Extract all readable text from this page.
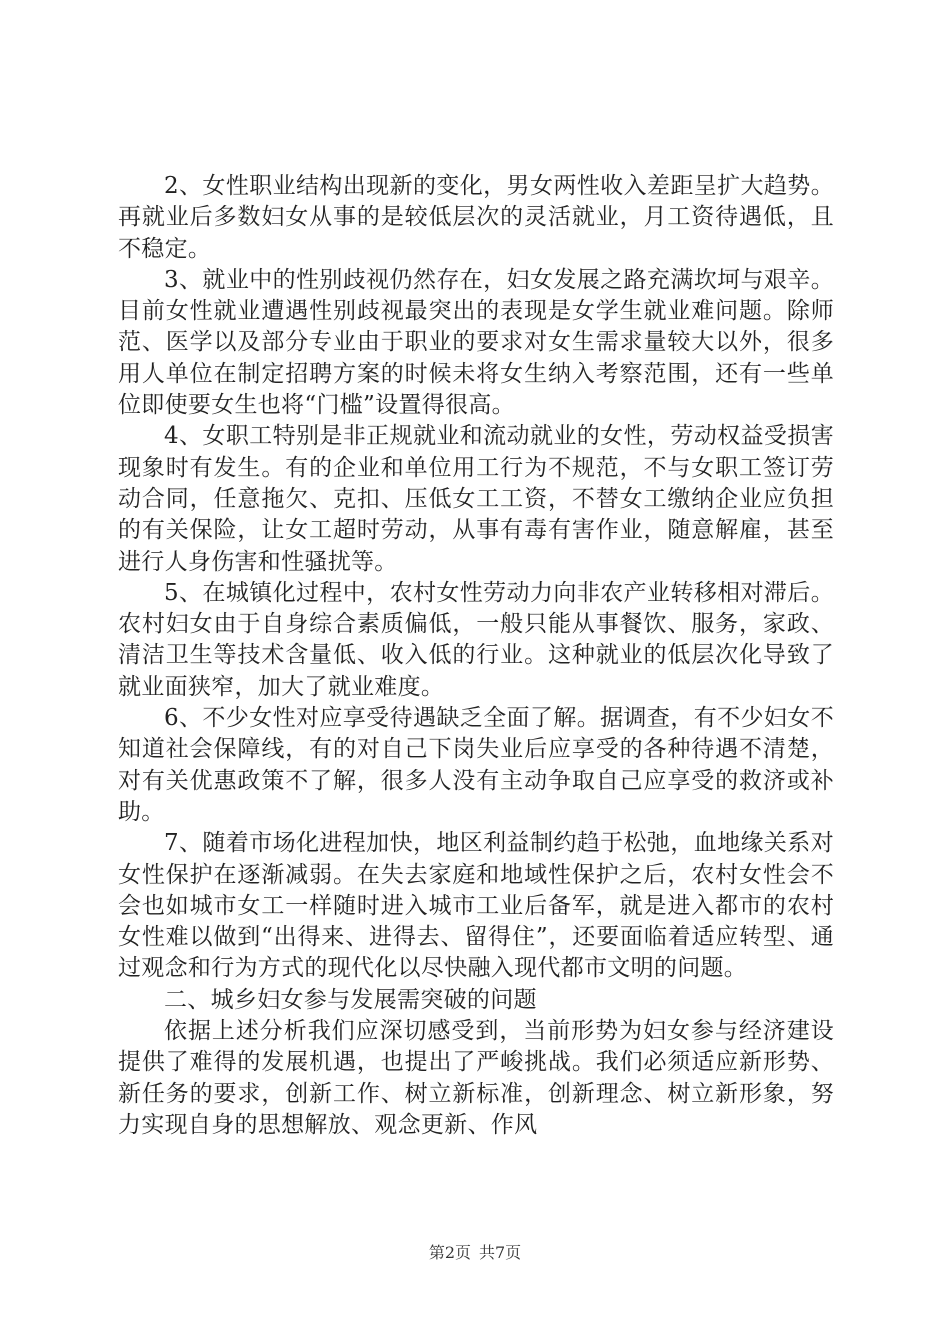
2、女性职业结构出现新的变化，男女两性收入差距呈扩大趋势。再就业后多数妇女从事的是较低层次的灵活就业，月工资待遇低，且不稳定。

3、就业中的性别歧视仍然存在，妇女发展之路充满坎坷与艰辛。目前女性就业遭遇性别歧视最突出的表现是女学生就业难问题。除师范、医学以及部分专业由于职业的要求对女生需求量较大以外，很多用人单位在制定招聘方案的时候未将女生纳入考察范围，还有一些单位即使要女生也将“门槛”设置得很高。

4、女职工特别是非正规就业和流动就业的女性，劳动权益受损害现象时有发生。有的企业和单位用工行为不规范，不与女职工签订劳动合同，任意拖欠、克扣、压低女工工资，不替女工缴纳企业应负担的有关保险，让女工超时劳动，从事有毒有害作业，随意解雇，甚至进行人身伤害和性骚扰等。

5、在城镇化过程中，农村女性劳动力向非农产业转移相对滞后。农村妇女由于自身综合素质偏低，一般只能从事餐饮、服务，家政、清洁卫生等技术含量低、收入低的行业。这种就业的低层次化导致了就业面狭窄，加大了就业难度。

6、不少女性对应享受待遇缺乏全面了解。据调查，有不少妇女不知道社会保障线，有的对自己下岗失业后应享受的各种待遇不清楚，对有关优惠政策不了解，很多人没有主动争取自己应享受的救济或补助。

7、随着市场化进程加快，地区利益制约趋于松弛，血地缘关系对女性保护在逐渐减弱。在失去家庭和地域性保护之后，农村女性会不会也如城市女工一样随时进入城市工业后备军，就是进入都市的农村女性难以做到“出得来、进得去、留得住”，还要面临着适应转型、通过观念和行为方式的现代化以尽快融入现代都市文明的问题。

二、城乡妇女参与发展需突破的问题

依据上述分析我们应深切感受到，当前形势为妇女参与经济建设提供了难得的发展机遇，也提出了严峻挑战。我们必须适应新形势、新任务的要求，创新工作、树立新标准，创新理念、树立新形象，努力实现自身的思想解放、观念更新、作风

第2页 共7页
